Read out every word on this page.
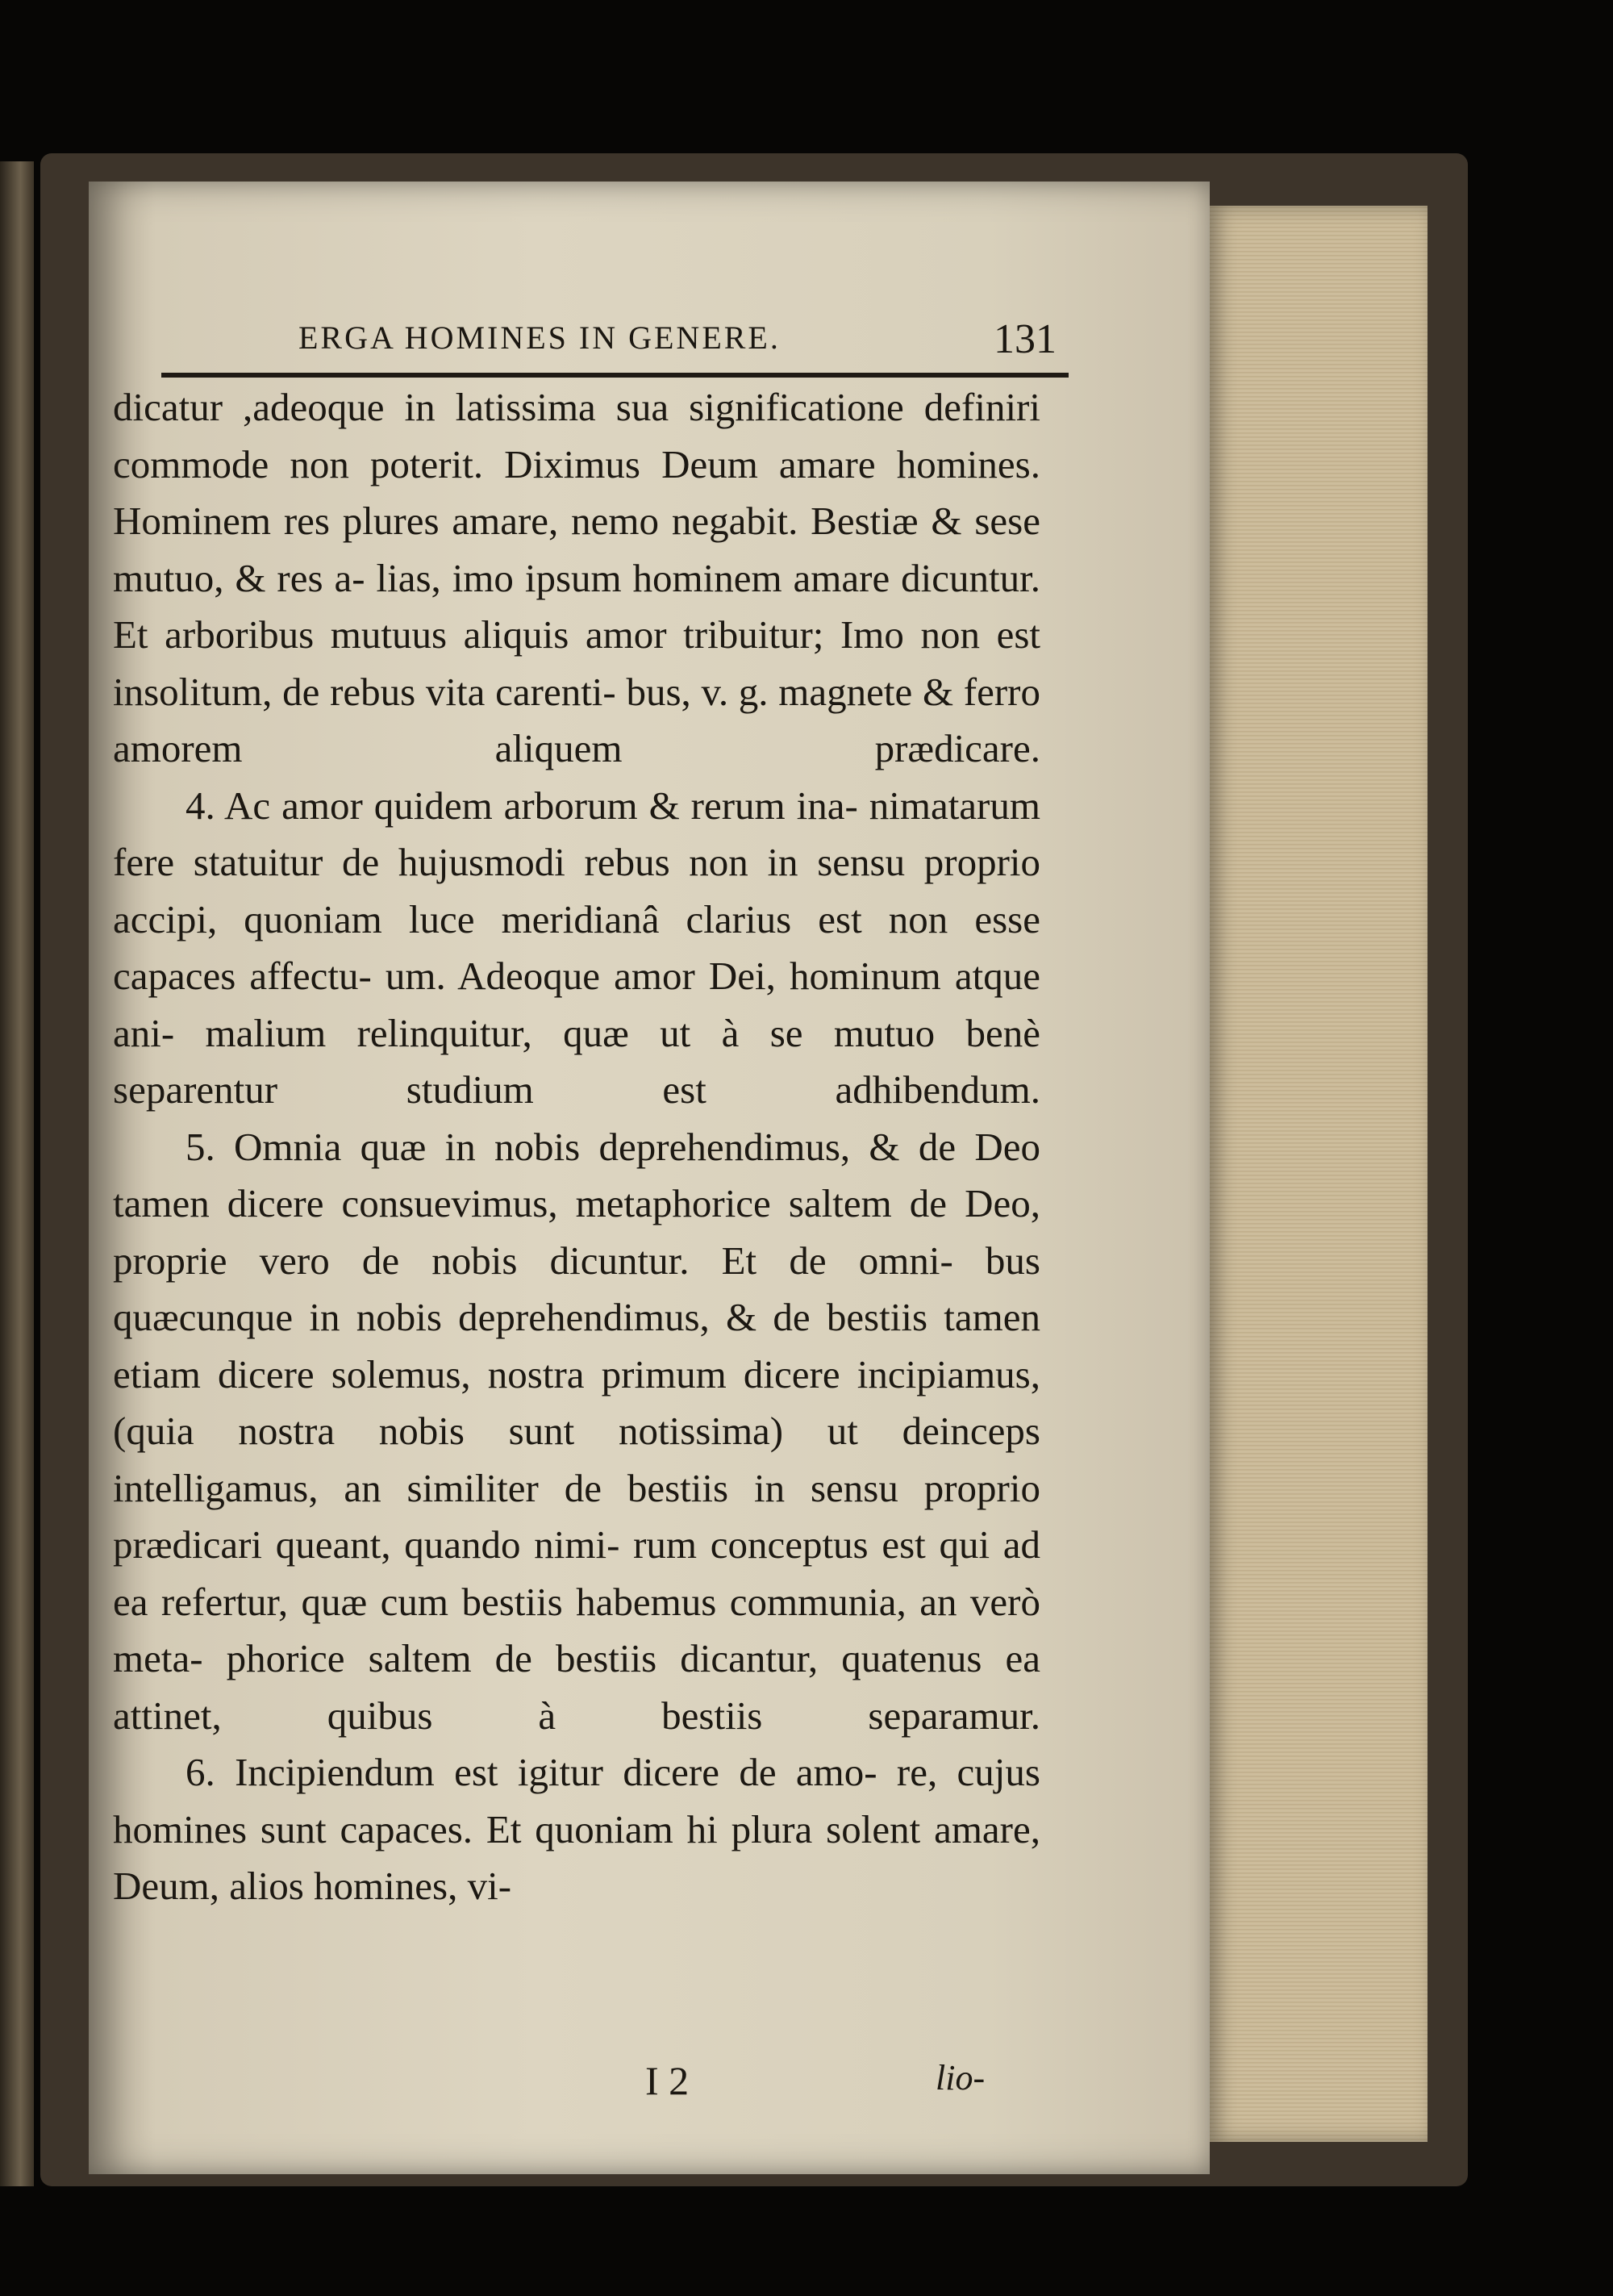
ERGA HOMINES IN GENERE.	131

dicatur ,adeoque in latissima sua significatione definiri commode non poterit. Diximus Deum amare homines. Hominem res plures amare, nemo negabit. Bestiæ & sese mutuo, & res a- lias, imo ipsum hominem amare dicuntur. Et arboribus mutuus aliquis amor tribuitur; Imo non est insolitum, de rebus vita carenti- bus, v. g. magnete & ferro amorem aliquem prædicare.

4. Ac amor quidem arborum & rerum ina- nimatarum fere statuitur de hujusmodi rebus non in sensu proprio accipi, quoniam luce meridianâ clarius est non esse capaces affectu- um. Adeoque amor Dei, hominum atque ani- malium relinquitur, quæ ut à se mutuo benè separentur studium est adhibendum.

5. Omnia quæ in nobis deprehendimus, & de Deo tamen dicere consuevimus, metaphorice saltem de Deo, proprie vero de nobis dicuntur. Et de omni- bus quæcunque in nobis deprehendimus, & de bestiis tamen etiam dicere solemus, nostra primum dicere incipiamus, (quia nostra nobis sunt notissima) ut deinceps intelligamus, an similiter de bestiis in sensu proprio prædicari queant, quando nimi- rum conceptus est qui ad ea refertur, quæ cum bestiis habemus communia, an verò meta- phorice saltem de bestiis dicantur, quatenus ea attinet, quibus à bestiis separamur.

6. Incipiendum est igitur dicere de amo- re, cujus homines sunt capaces. Et quoniam hi plura solent amare, Deum, alios homines, vi-

I 2	lio-
